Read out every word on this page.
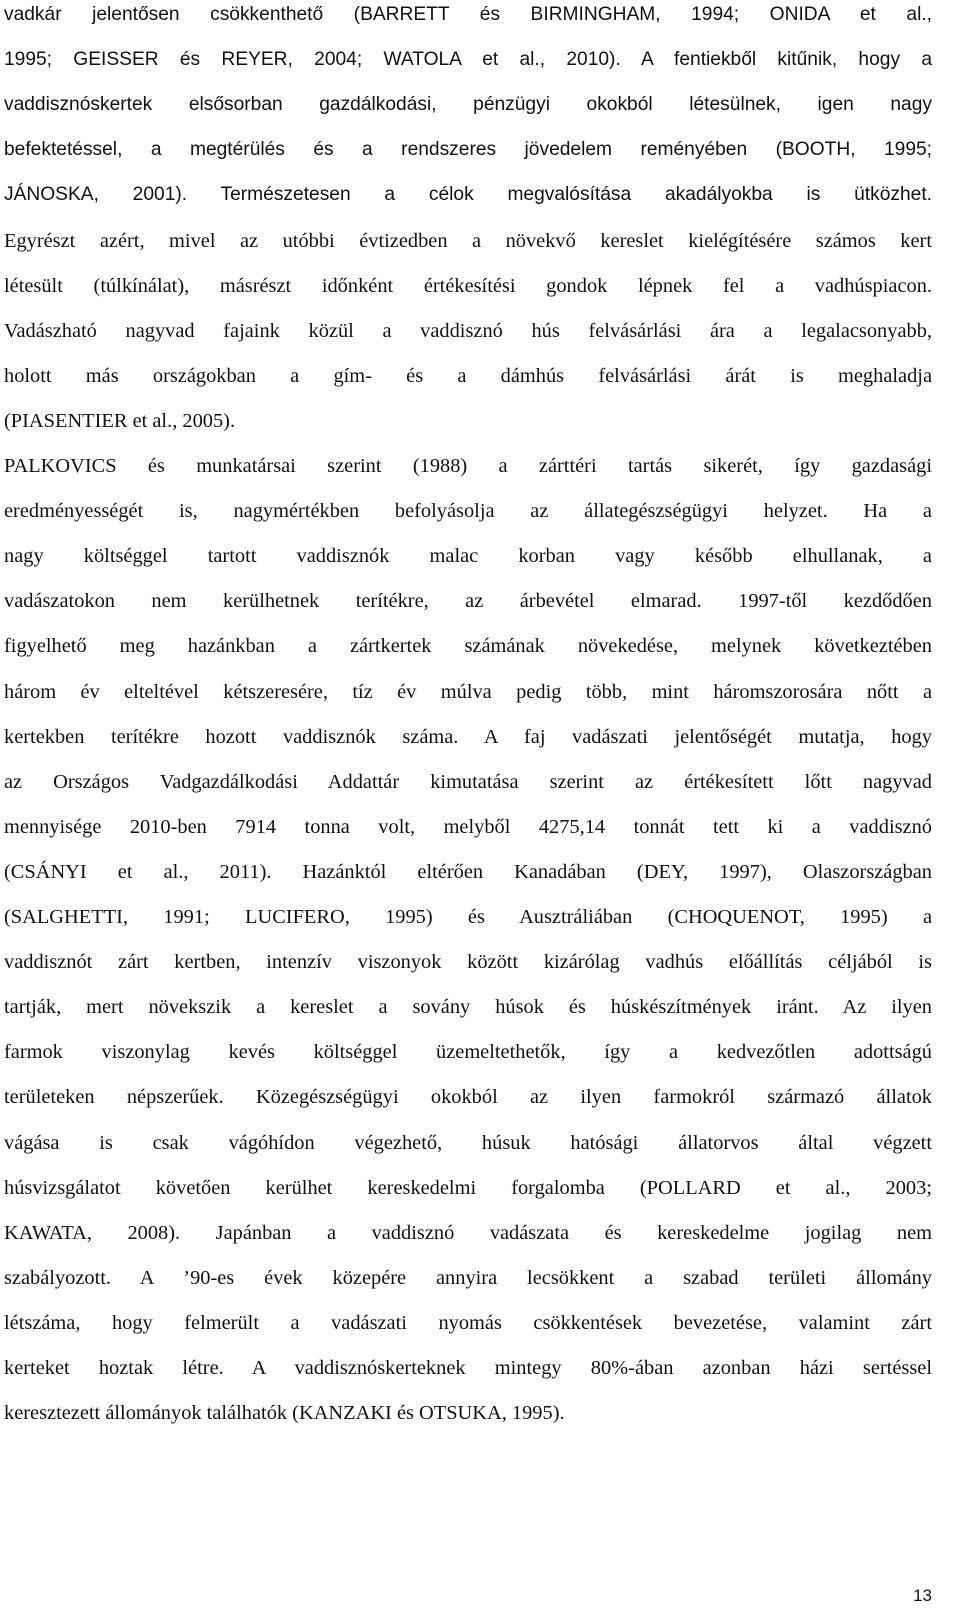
vadkár jelentősen csökkenthető (BARRETT és BIRMINGHAM, 1994; ONIDA et al.,
1995; GEISSER és REYER, 2004; WATOLA et al., 2010). A fentiekből kitűnik, hogy a
vaddisznóskertek elsősorban gazdálkodási, pénzügyi okokból létesülnek, igen nagy
befektetéssel, a megtérülés és a rendszeres jövedelem reményében (BOOTH, 1995;
JÁNOSKA, 2001). Természetesen a célok megvalósítása akadályokba is ütközhet.
Egyrészt azért, mivel az utóbbi évtizedben a növekvő kereslet kielégítésére számos kert
létesült (túlkínálat), másrészt időnként értékesítési gondok lépnek fel a vadhúspiacon.
Vadászható nagyvad fajaink közül a vaddisznó hús felvásárlási ára a legalacsonyabb,
holott más országokban a gím- és a dámhús felvásárlási árát is meghaladja
(PIASENTIER et al., 2005).
PALKOVICS és munkatársai szerint (1988) a zárttéri tartás sikerét, így gazdasági
eredményességét is, nagymértékben befolyásolja az állategészségügyi helyzet. Ha a
nagy költséggel tartott vaddisznók malac korban vagy később elhullanak, a
vadászatokon nem kerülhetnek terítékre, az árbevétel elmarad. 1997-től kezdődően
figyelhető meg hazánkban a zártkertek számának növekedése, melynek következtében
három év elteltével kétszeresére, tíz év múlva pedig több, mint háromszorosára nőtt a
kertekben terítékre hozott vaddisznók száma. A faj vadászati jelentőségét mutatja, hogy
az Országos Vadgazdálkodási Addattár kimutatása szerint az értékesített lőtt nagyvad
mennyisége 2010-ben 7914 tonna volt, melyből 4275,14 tonnát tett ki a vaddisznó
(CSÁNYI et al., 2011). Hazánktól eltérően Kanadában (DEY, 1997), Olaszországban
(SALGHETTI, 1991; LUCIFERO, 1995) és Ausztráliában (CHOQUENOT, 1995) a
vaddisznót zárt kertben, intenzív viszonyok között kizárólag vadhús előállítás céljából is
tartják, mert növekszik a kereslet a sovány húsok és húskészítmények iránt. Az ilyen
farmok viszonylag kevés költséggel üzemeltethetők, így a kedvezőtlen adottságú
területeken népszerűek. Közegészségügyi okokból az ilyen farmokról származó állatok
vágása is csak vágóhídon végezhető, húsuk hatósági állatorvos által végzett
húsvizsgálatot követően kerülhet kereskedelmi forgalomba (POLLARD et al., 2003;
KAWATA, 2008). Japánban a vaddisznó vadászata és kereskedelme jogilag nem
szabályozott. A ’90-es évek közepére annyira lecsökkent a szabad területi állomány
létszáma, hogy felmerült a vadászati nyomás csökkentések bevezetése, valamint zárt
kerteket hoztak létre. A vaddisznóskerteknek mintegy 80%-ában azonban házi sertéssel
keresztezett állományok találhatók (KANZAKI és OTSUKA, 1995).
13
